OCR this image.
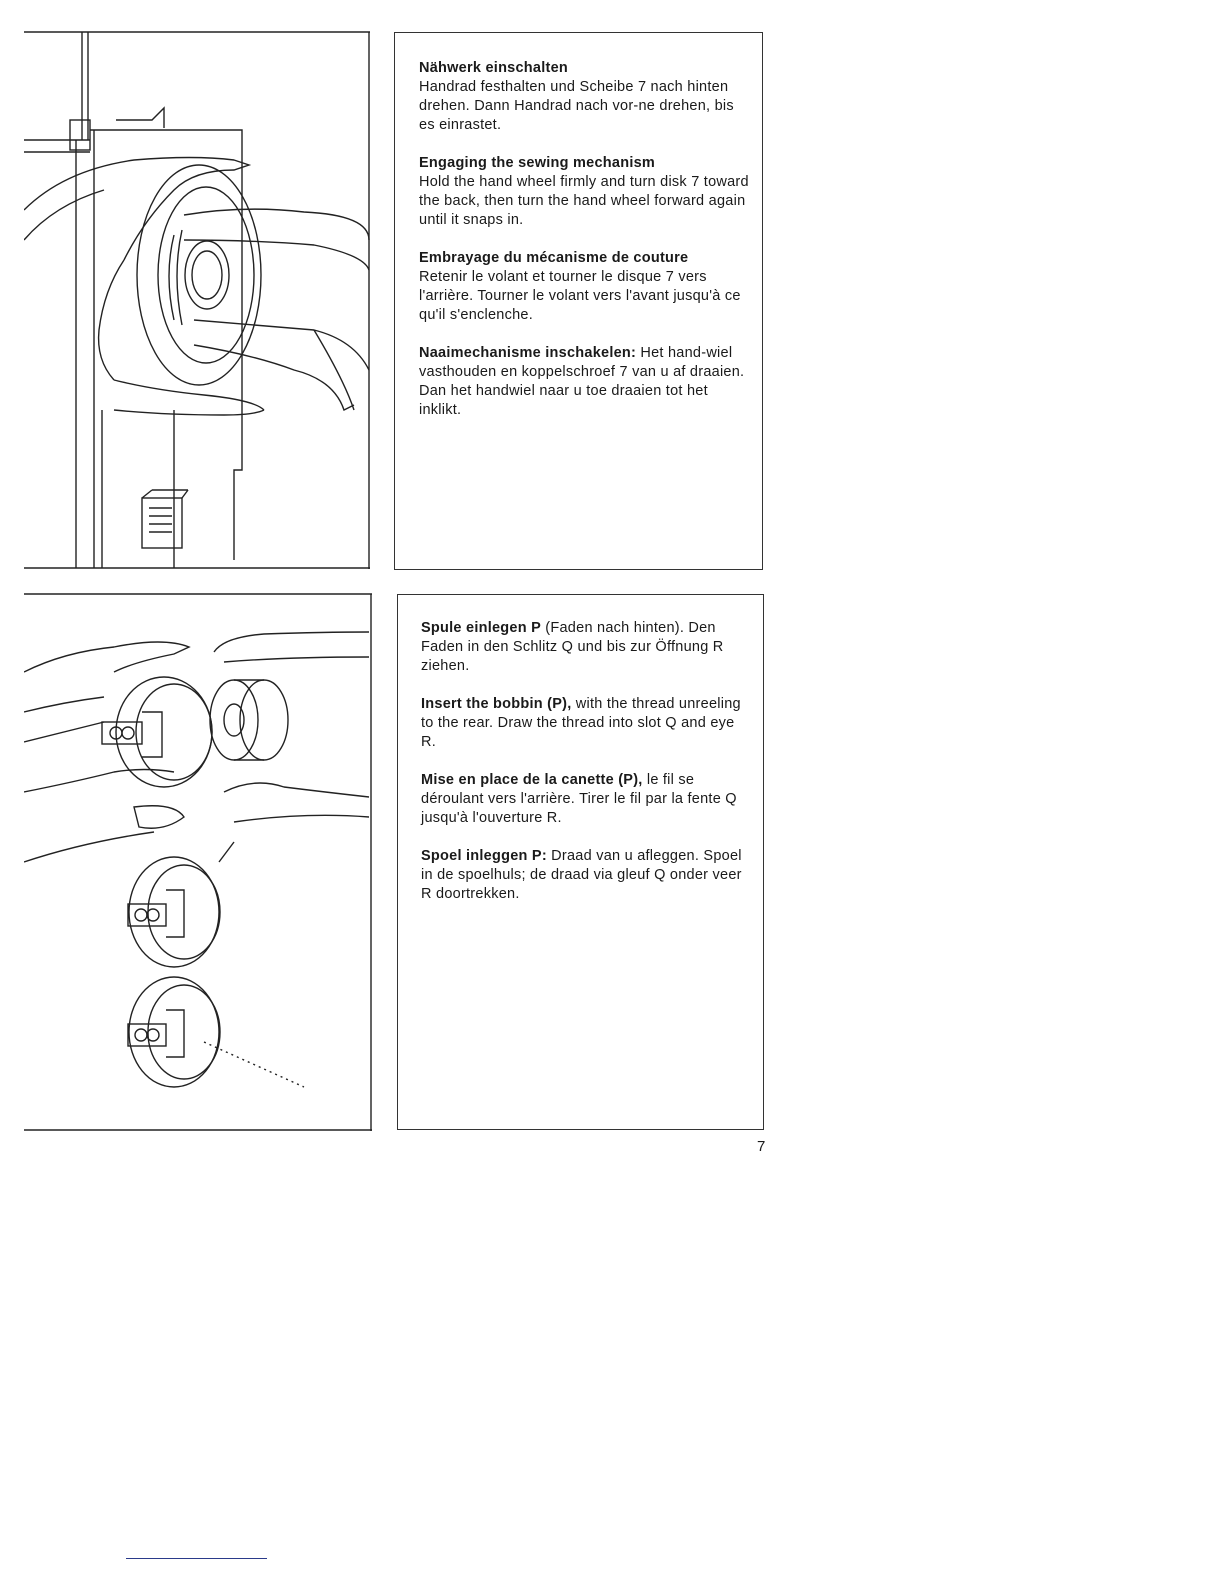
Nähwerk einschalten
Handrad festhalten und Scheibe 7 nach hinten drehen. Dann Handrad nach vor-ne drehen, bis es einrastet.

Engaging the sewing mechanism
Hold the hand wheel firmly and turn disk 7 toward the back, then turn the hand wheel forward again until it snaps in.

Embrayage du mécanisme de couture
Retenir le volant et tourner le disque 7 vers l'arrière. Tourner le volant vers l'avant jusqu'à ce qu'il s'enclenche.

Naaimechanisme inschakelen: Het hand-wiel vasthouden en koppelschroef 7 van u af draaien. Dan het handwiel naar u toe draaien tot het inklikt.

Spule einlegen P (Faden nach hinten). Den Faden in den Schlitz Q und bis zur Öffnung R ziehen.

Insert the bobbin (P), with the thread unreeling to the rear. Draw the thread into slot Q and eye R.

Mise en place de la canette (P), le fil se déroulant vers l'arrière. Tirer le fil par la fente Q jusqu'à l'ouverture R.

Spoel inleggen P: Draad van u afleggen. Spoel in de spoelhuls; de draad via gleuf Q onder veer R doortrekken.

7
